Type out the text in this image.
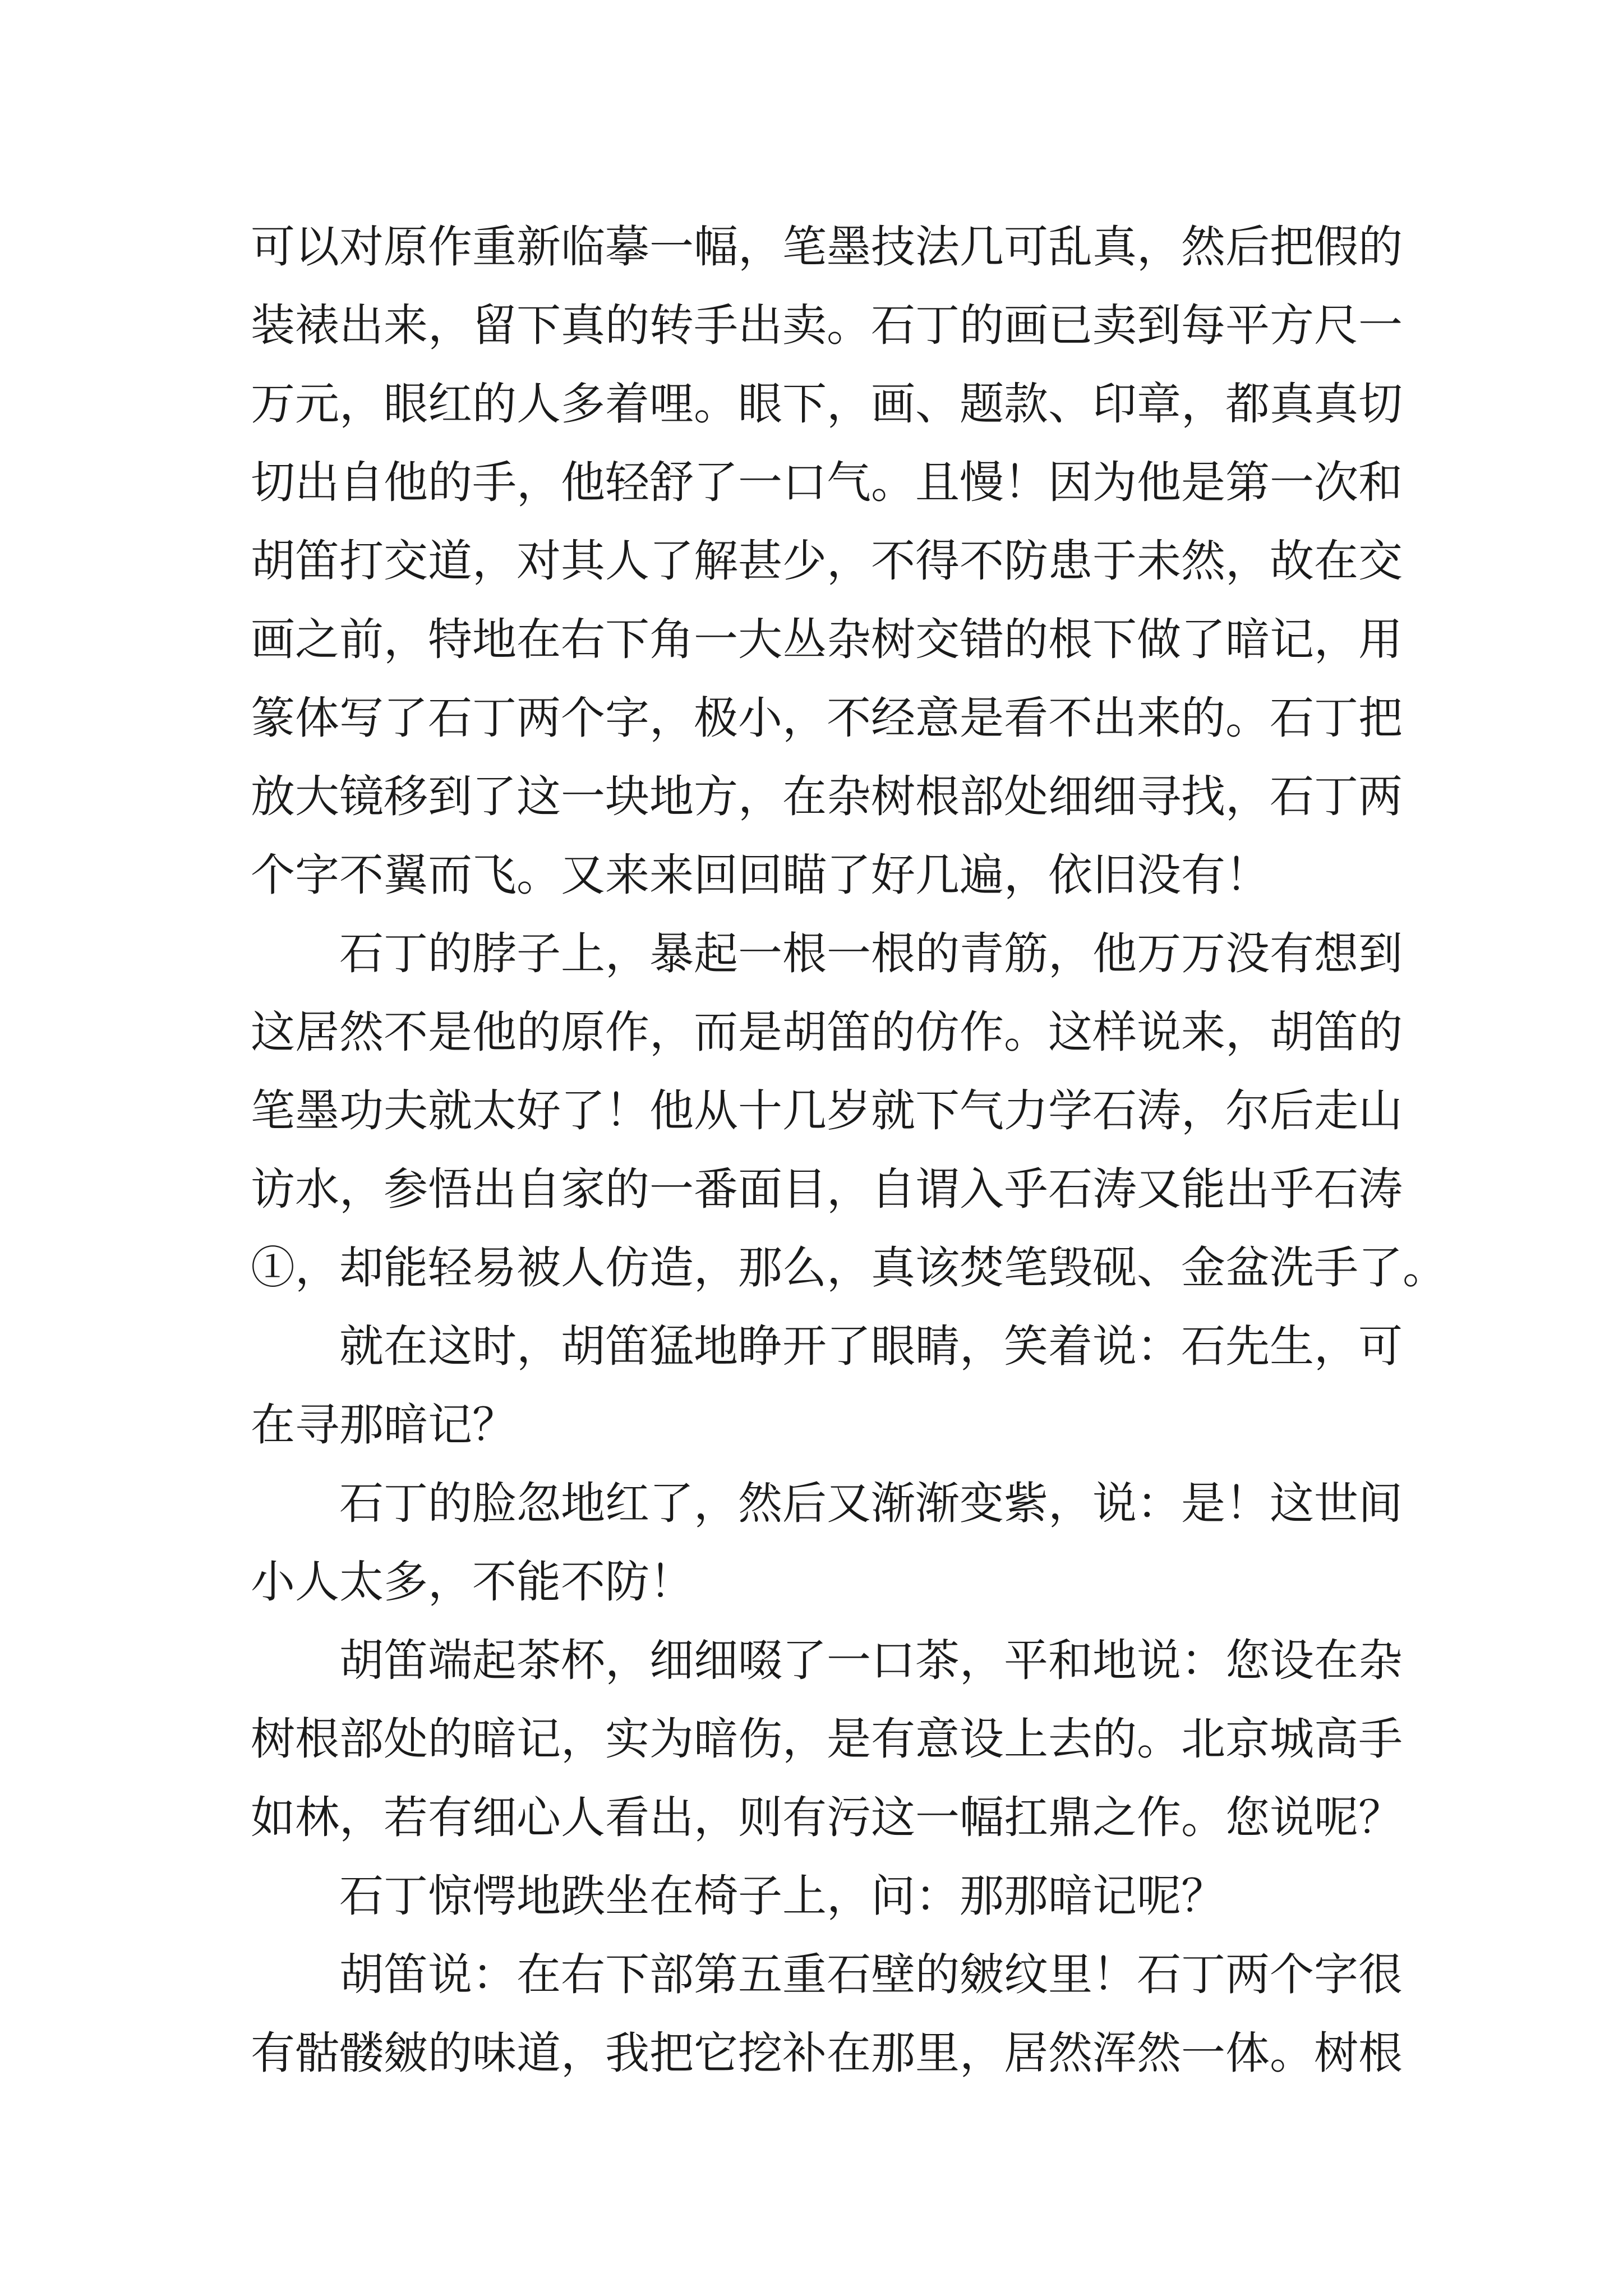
可以对原作重新临摹一幅，笔墨技法几可乱真，然后把假的
装裱出来，留下真的转手出卖。石丁的画已卖到每平方尺一
万元，眼红的人多着哩。眼下，画、题款、印章，都真真切
切出自他的手，他轻舒了一口气。且慢！因为他是第一次和
胡笛打交道，对其人了解甚少，不得不防患于未然，故在交
画之前，特地在右下角一大丛杂树交错的根下做了暗记，用
篆体写了石丁两个字，极小，不经意是看不出来的。石丁把
放大镜移到了这一块地方，在杂树根部处细细寻找，石丁两
个字不翼而飞。又来来回回瞄了好几遍，依旧没有！
石丁的脖子上，暴起一根一根的青筋，他万万没有想到
这居然不是他的原作，而是胡笛的仿作。这样说来，胡笛的
笔墨功夫就太好了！他从十几岁就下气力学石涛，尔后走山
访水，参悟出自家的一番面目，自谓入乎石涛又能出乎石涛
①，却能轻易被人仿造，那么，真该焚笔毁砚、金盆洗手了。
就在这时，胡笛猛地睁开了眼睛，笑着说：石先生，可
在寻那暗记？
石丁的脸忽地红了，然后又渐渐变紫，说：是！这世间
小人太多，不能不防！
胡笛端起茶杯，细细啜了一口茶，平和地说：您设在杂
树根部处的暗记，实为暗伤，是有意设上去的。北京城高手
如林，若有细心人看出，则有污这一幅扛鼎之作。您说呢？
石丁惊愕地跌坐在椅子上，问：那那暗记呢？
胡笛说：在右下部第五重石壁的皴纹里！石丁两个字很
有骷髅皴的味道，我把它挖补在那里，居然浑然一体。树根
